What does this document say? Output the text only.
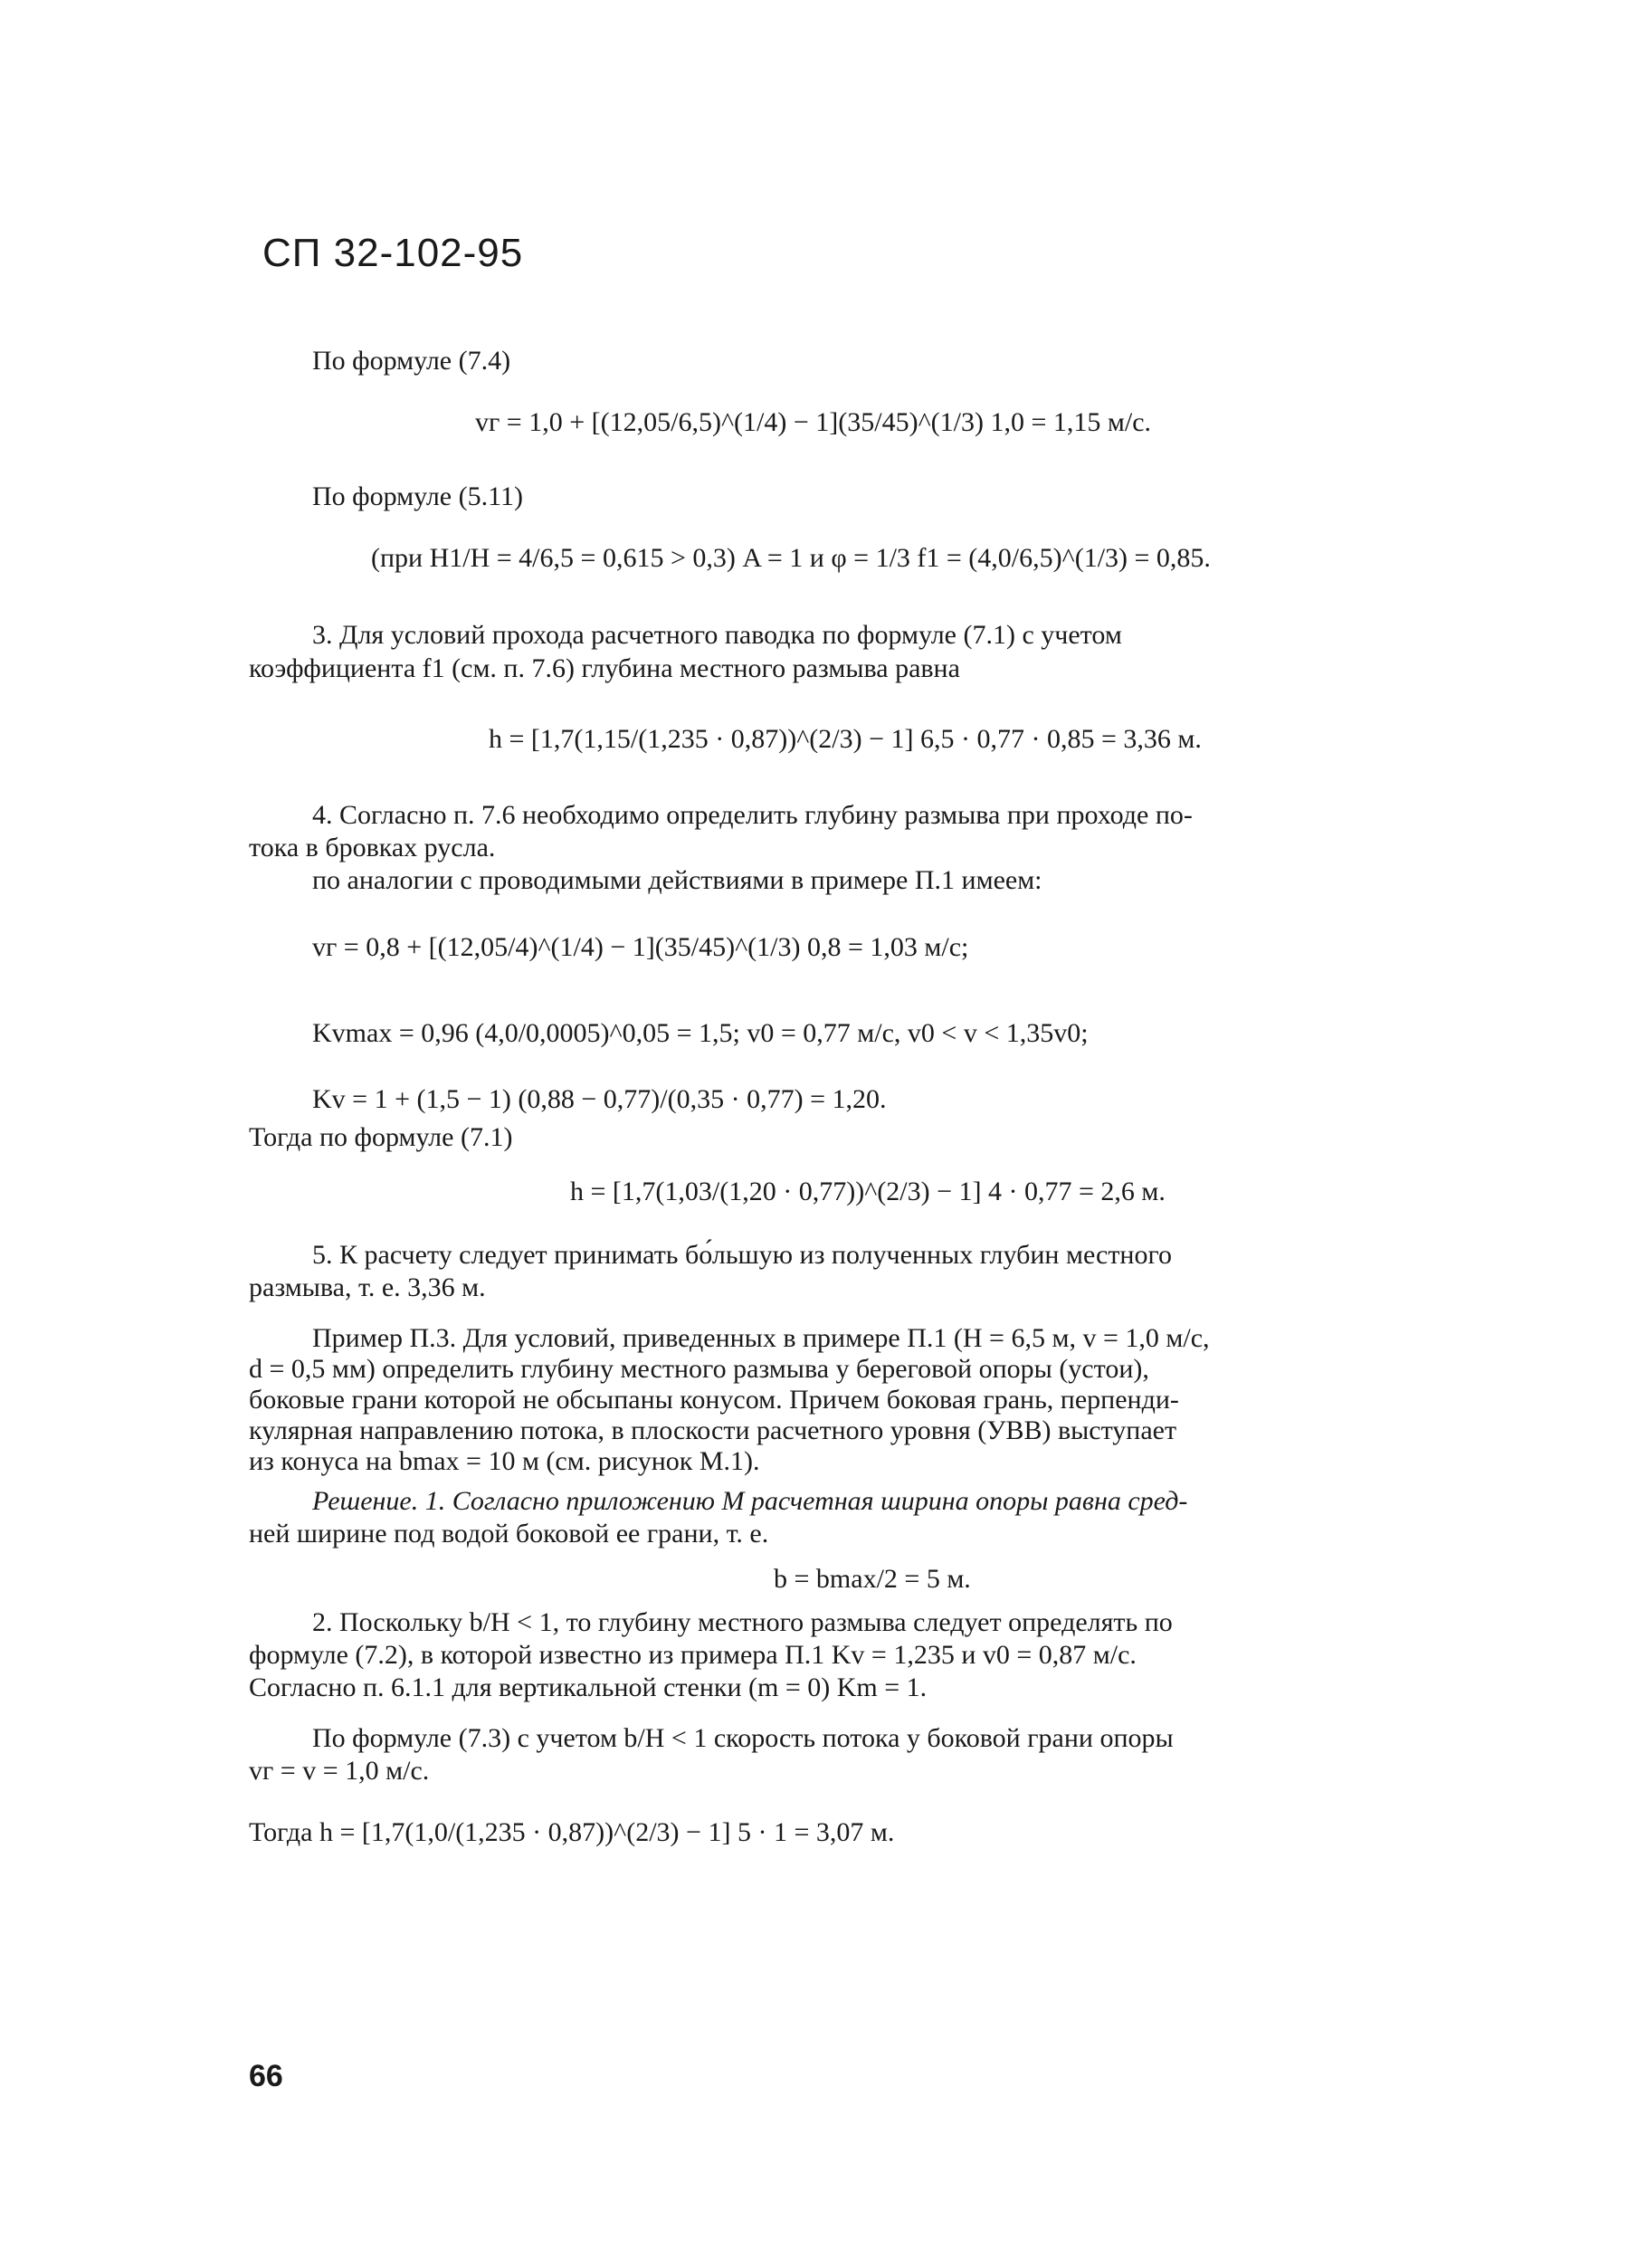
СП 32-102-95
По формуле (7.4)
vг = 1,0 + [(12,05/6,5)^(1/4) − 1](35/45)^(1/3) 1,0 = 1,15 м/с.
По формуле (5.11)
(при H1/H = 4/6,5 = 0,615 > 0,3) A = 1 и φ = 1/3 f1 = (4,0/6,5)^(1/3) = 0,85.
3. Для условий прохода расчетного паводка по формуле (7.1) с учетом
коэффициента f1 (см. п. 7.6) глубина местного размыва равна
h = [1,7(1,15/(1,235 · 0,87))^(2/3) − 1] 6,5 · 0,77 · 0,85 = 3,36 м.
4. Согласно п. 7.6 необходимо определить глубину размыва при проходе по-
тока в бровках русла.
по аналогии с проводимыми действиями в примере П.1 имеем:
vг = 0,8 + [(12,05/4)^(1/4) − 1](35/45)^(1/3) 0,8 = 1,03 м/с;
Kvmax = 0,96 (4,0/0,0005)^0,05 = 1,5; v0 = 0,77 м/с, v0 < v < 1,35v0;
Kv = 1 + (1,5 − 1) (0,88 − 0,77)/(0,35 · 0,77) = 1,20.
Тогда по формуле (7.1)
h = [1,7(1,03/(1,20 · 0,77))^(2/3) − 1] 4 · 0,77 = 2,6 м.
5. К расчету следует принимать бо́льшую из полученных глубин местного
размыва, т. е. 3,36 м.
Пример П.3. Для условий, приведенных в примере П.1 (H = 6,5 м, v = 1,0 м/с,
d = 0,5 мм) определить глубину местного размыва у береговой опоры (устои),
боковые грани которой не обсыпаны конусом. Причем боковая грань, перпенди-
кулярная направлению потока, в плоскости расчетного уровня (УВВ) выступает
из конуса на bmax = 10 м (см. рисунок М.1).
Решение. 1. Согласно приложению М расчетная ширина опоры равна сред-
ней ширине под водой боковой ее грани, т. е.
b = bmax/2 = 5 м.
2. Поскольку b/H < 1, то глубину местного размыва следует определять по
формуле (7.2), в которой известно из примера П.1 Kv = 1,235 и v0 = 0,87 м/с.
Согласно п. 6.1.1 для вертикальной стенки (m = 0) Km = 1.
По формуле (7.3) с учетом b/H < 1 скорость потока у боковой грани опоры
vг = v = 1,0 м/с.
Тогда h = [1,7(1,0/(1,235 · 0,87))^(2/3) − 1] 5 · 1 = 3,07 м.
66
